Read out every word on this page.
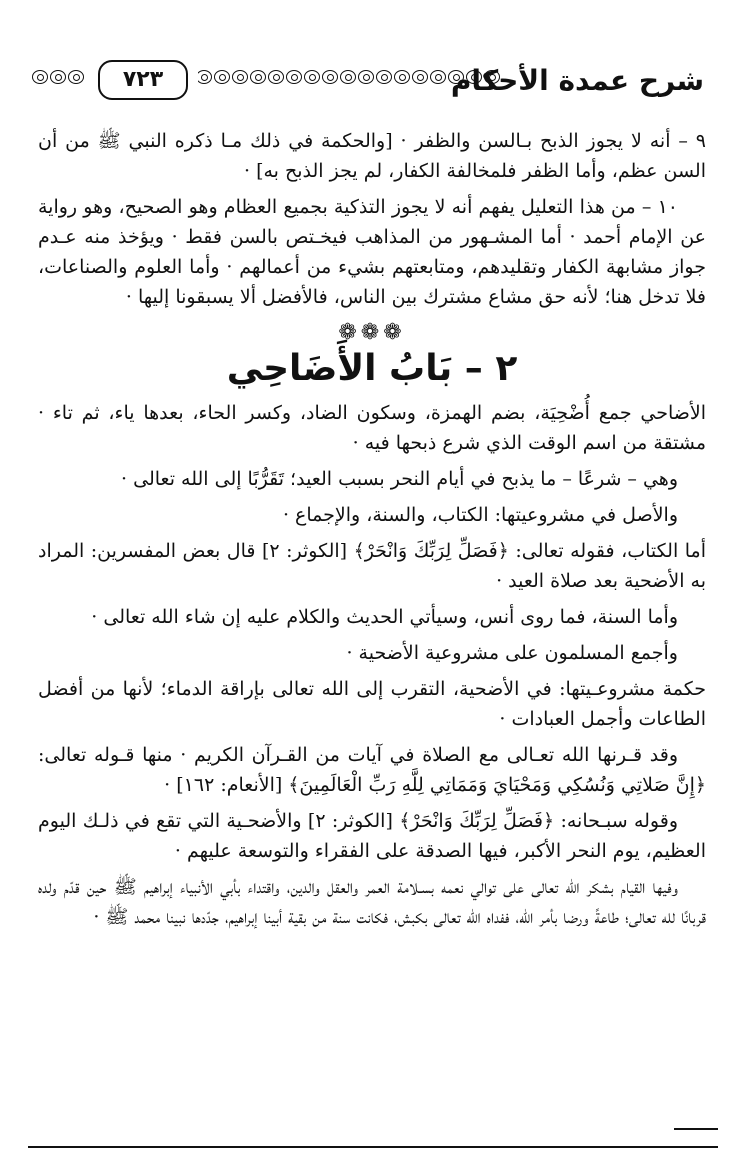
شرح عمدة الأحكام
٧٢٣

٩ – أنه لا يجوز الذبح بـالسن والظفر · [والحكمة في ذلك مـا ذكره النبي ﷺ من أن السن عظم، وأما الظفر فلمخالفة الكفار، لم يجز الذبح به] ·

١٠ – من هذا التعليل يفهم أنه لا يجوز التذكية بجميع العظام وهو الصحيح، وهو رواية عن الإمام أحمد · أما المشـهور من المذاهب فيخـتص بالسن فقط · ويؤخذ منه عـدم جواز مشابهة الكفار وتقليدهم، ومتابعتهم بشيء من أعمالهم · وأما العلوم والصناعات، فلا تدخل هنا؛ لأنه حق مشاع مشترك بين الناس، فالأفضل ألا يسبقونا إليها ·

❁❁❁
٢ – بَابُ الأَضَاحِي

الأضاحي جمع أُضْحِيَة، بضم الهمزة، وسكون الضاد، وكسر الحاء، بعدها ياء، ثم تاء · مشتقة من اسم الوقت الذي شرع ذبحها فيه ·

وهي – شرعًا – ما يذبح في أيام النحر بسبب العيد؛ تَقَرُّبًا إلى الله تعالى ·

والأصل في مشروعيتها: الكتاب، والسنة، والإجماع ·

أما الكتاب، فقوله تعالى: ﴿فَصَلِّ لِرَبِّكَ وَانْحَرْ﴾ [الكوثر: ٢] قال بعض المفسرين: المراد به الأضحية بعد صلاة العيد ·

وأما السنة، فما روى أنس، وسيأتي الحديث والكلام عليه إن شاء الله تعالى ·

وأجمع المسلمون على مشروعية الأضحية ·

حكمة مشروعـيتها: في الأضحية، التقرب إلى الله تعالى بإراقة الدماء؛ لأنها من أفضل الطاعات وأجمل العبادات ·

وقد قـرنها الله تعـالى مع الصلاة في آيات من القـرآن الكريم · منها قـوله تعالى: ﴿إِنَّ صَلاتِي وَنُسُكِي وَمَحْيَايَ وَمَمَاتِي لِلَّهِ رَبِّ الْعَالَمِينَ﴾ [الأنعام: ١٦٢] ·

وقوله سبـحانه: ﴿فَصَلِّ لِرَبِّكَ وَانْحَرْ﴾ [الكوثر: ٢] والأضحـية التي تقع في ذلـك اليوم العظيم، يوم النحر الأكبر، فيها الصدقة على الفقراء والتوسعة عليهم ·

وفيها القيام بشكر الله تعالى على توالي نعمه بسـلامة العمر والعقل والدين، واقتداء بأبي الأنبياء إبراهيم ﷺ حين قدّم ولده قربانًا لله تعالى؛ طاعةً ورضا بأمر الله، ففداه الله تعالى بكبش، فكانت سنة من بقية أبينا إبراهيم، جدّدها نبينا محمد ﷺ ·
